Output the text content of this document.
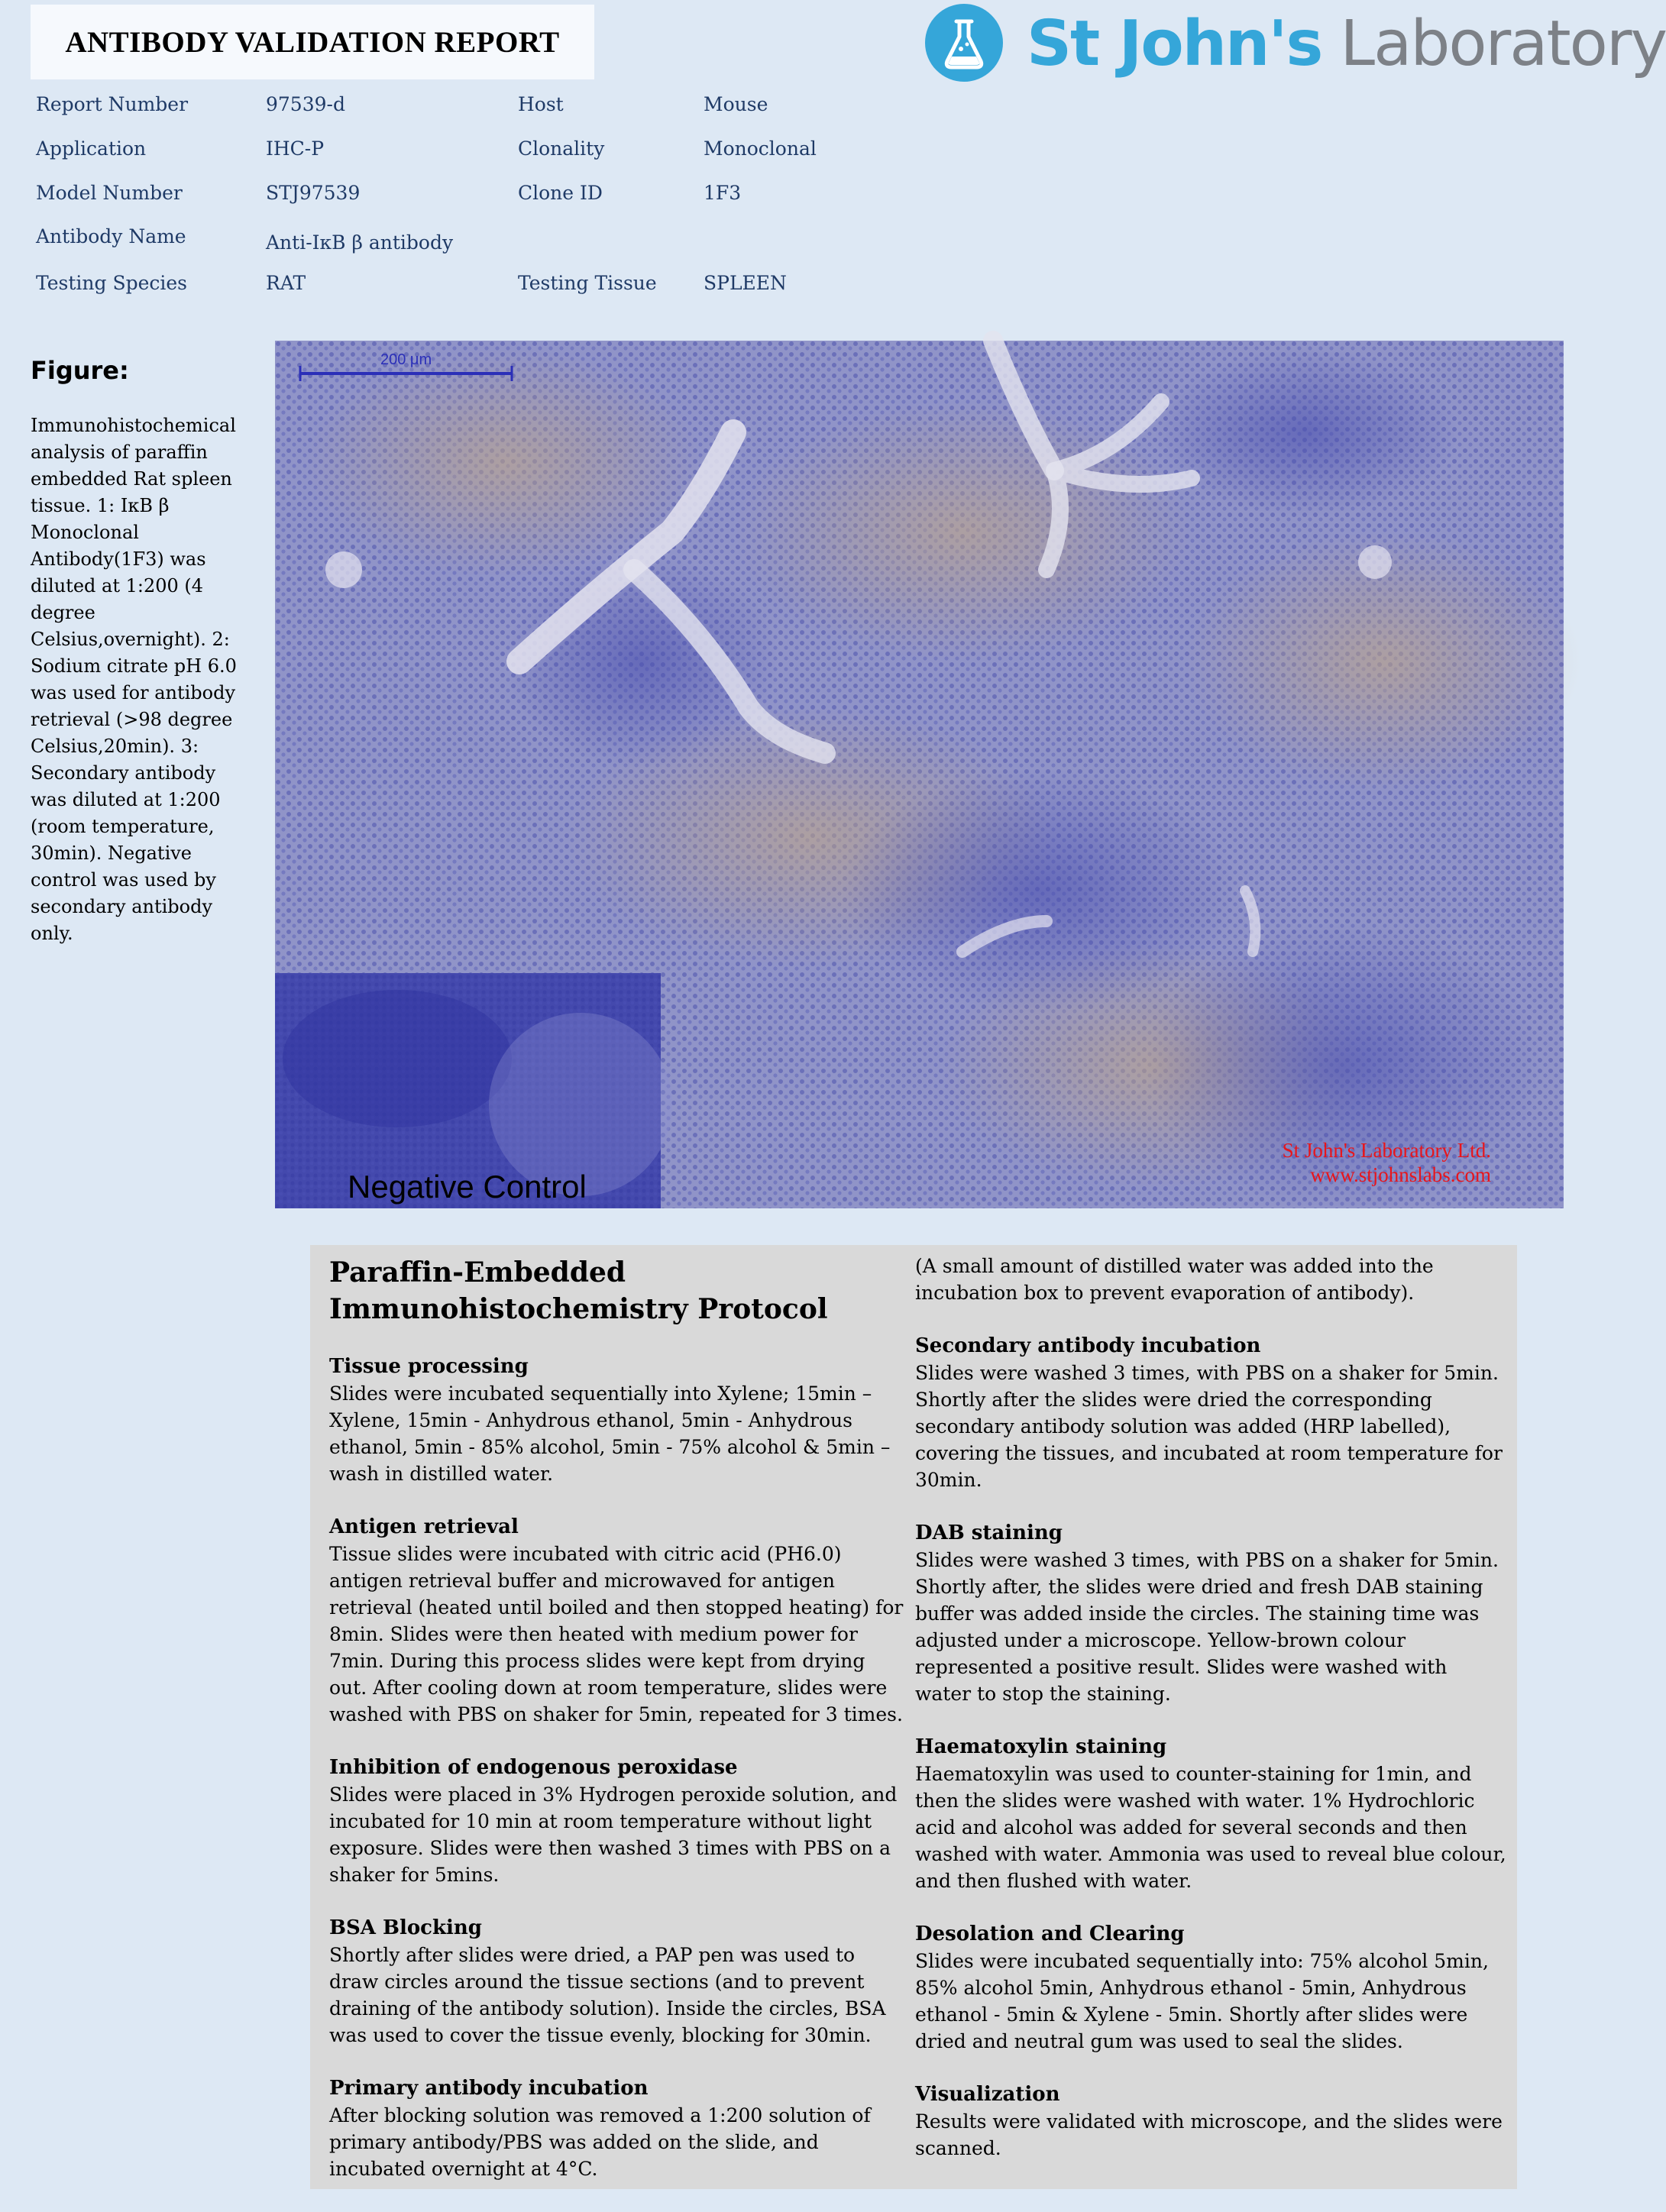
ANTIBODY VALIDATION REPORT	St John's Laboratory
Report Number	97539-d	Host	Mouse
Application	IHC-P	Clonality	Monoclonal
Model Number	STJ97539	Clone ID	1F3
Antibody Name	Anti-IκB β antibody
Testing Species	RAT	Testing Tissue SPLEEN
Figure:

Immunohistochemical analysis of paraffin embedded Rat spleen tissue. 1: IκB β Monoclonal Antibody(1F3) was diluted at 1:200 (4 degree Celsius,overnight). 2: Sodium citrate pH 6.0 was used for antibody retrieval (>98 degree Celsius,20min). 3: Secondary antibody was diluted at 1:200 (room temperature, 30min). Negative control was used by secondary antibody only.

200 μm
Negative Control
St John's Laboratory Ltd.
www.stjohnslabs.com
Paraffin-Embedded Immunohistochemistry Protocol
Tissue processing

Slides were incubated sequentially into Xylene; 15min – Xylene, 15min - Anhydrous ethanol, 5min - Anhydrous ethanol, 5min - 85% alcohol, 5min - 75% alcohol & 5min – wash in distilled water.

Antigen retrieval

Tissue slides were incubated with citric acid (PH6.0) antigen retrieval buffer and microwaved for antigen retrieval (heated until boiled and then stopped heating) for 8min. Slides were then heated with medium power for 7min. During this process slides were kept from drying out. After cooling down at room temperature, slides were washed with PBS on shaker for 5min, repeated for 3 times.

Inhibition of endogenous peroxidase

Slides were placed in 3% Hydrogen peroxide solution, and incubated for 10 min at room temperature without light exposure. Slides were then washed 3 times with PBS on a shaker for 5mins.

BSA Blocking

Shortly after slides were dried, a PAP pen was used to draw circles around the tissue sections (and to prevent draining of the antibody solution). Inside the circles, BSA was used to cover the tissue evenly, blocking for 30min.

Primary antibody incubation

After blocking solution was removed a 1:200 solution of primary antibody/PBS was added on the slide, and incubated overnight at 4°C.

(A small amount of distilled water was added into the incubation box to prevent evaporation of antibody).

Secondary antibody incubation

Slides were washed 3 times, with PBS on a shaker for 5min. Shortly after the slides were dried the corresponding secondary antibody solution was added (HRP labelled), covering the tissues, and incubated at room temperature for 30min.

DAB staining

Slides were washed 3 times, with PBS on a shaker for 5min. Shortly after, the slides were dried and fresh DAB staining buffer was added inside the circles. The staining time was adjusted under a microscope. Yellow-brown colour represented a positive result. Slides were washed with water to stop the staining.

Haematoxylin staining

Haematoxylin was used to counter-staining for 1min, and then the slides were washed with water. 1% Hydrochloric acid and alcohol was added for several seconds and then washed with water. Ammonia was used to reveal blue colour, and then flushed with water.

Desolation and Clearing

Slides were incubated sequentially into: 75% alcohol 5min, 85% alcohol 5min, Anhydrous ethanol - 5min, Anhydrous ethanol - 5min & Xylene - 5min. Shortly after slides were dried and neutral gum was used to seal the slides.

Visualization

Results were validated with microscope, and the slides were scanned.
